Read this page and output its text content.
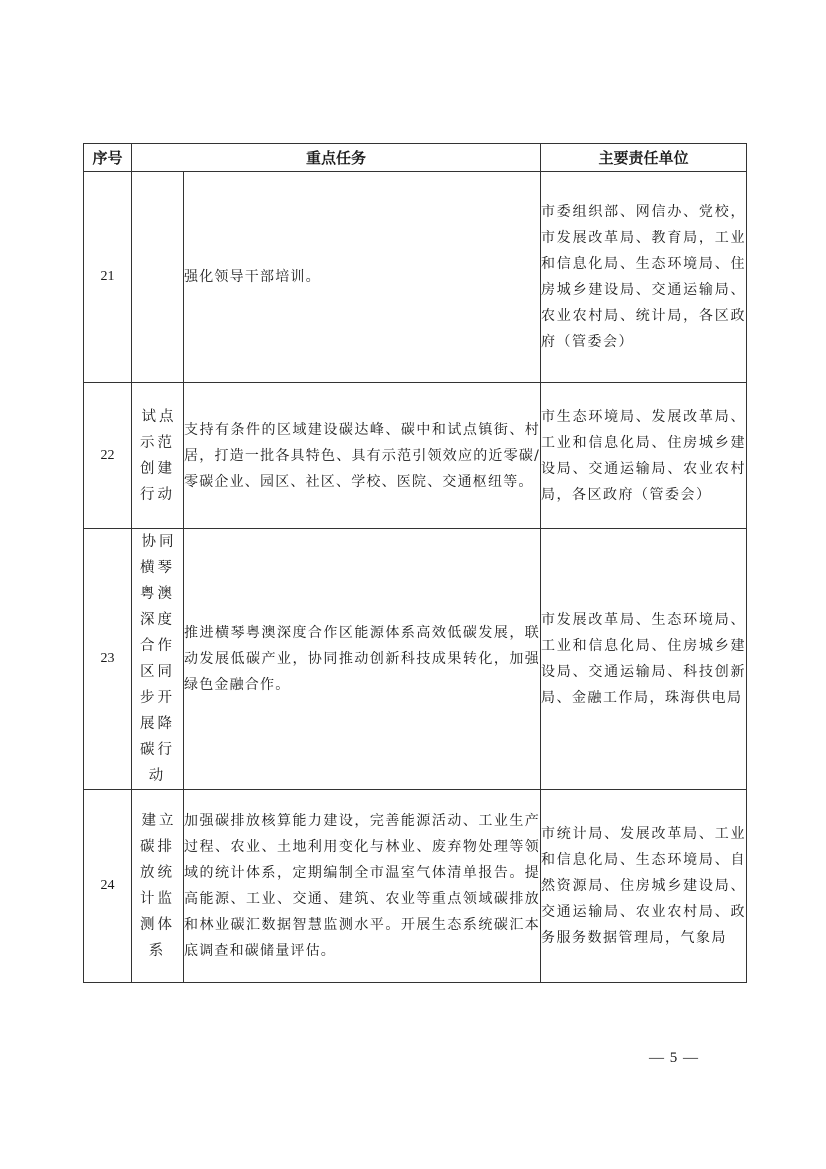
序号	重点任务		主要责任单位
21		强化领导干部培训。	市委组织部、网信办、党校，市发展改革局、教育局，工业和信息化局、生态环境局、住房城乡建设局、交通运输局、农业农村局、统计局，各区政府（管委会）
22	试点示范创建行动	支持有条件的区域建设碳达峰、碳中和试点镇街、村居，打造一批各具特色、具有示范引领效应的近零碳/零碳企业、园区、社区、学校、医院、交通枢纽等。	市生态环境局、发展改革局、工业和信息化局、住房城乡建设局、交通运输局、农业农村局，各区政府（管委会）
23	协同横琴粤澳深度合作区同步开展降碳行动	推进横琴粤澳深度合作区能源体系高效低碳发展，联动发展低碳产业，协同推动创新科技成果转化，加强绿色金融合作。	市发展改革局、生态环境局、工业和信息化局、住房城乡建设局、交通运输局、科技创新局、金融工作局，珠海供电局
24	建立碳排放统计监测体系	加强碳排放核算能力建设，完善能源活动、工业生产过程、农业、土地利用变化与林业、废弃物处理等领域的统计体系，定期编制全市温室气体清单报告。提高能源、工业、交通、建筑、农业等重点领域碳排放和林业碳汇数据智慧监测水平。开展生态系统碳汇本底调查和碳储量评估。	市统计局、发展改革局、工业和信息化局、生态环境局、自然资源局、住房城乡建设局、交通运输局、农业农村局、政务服务数据管理局，气象局
— 5 —
